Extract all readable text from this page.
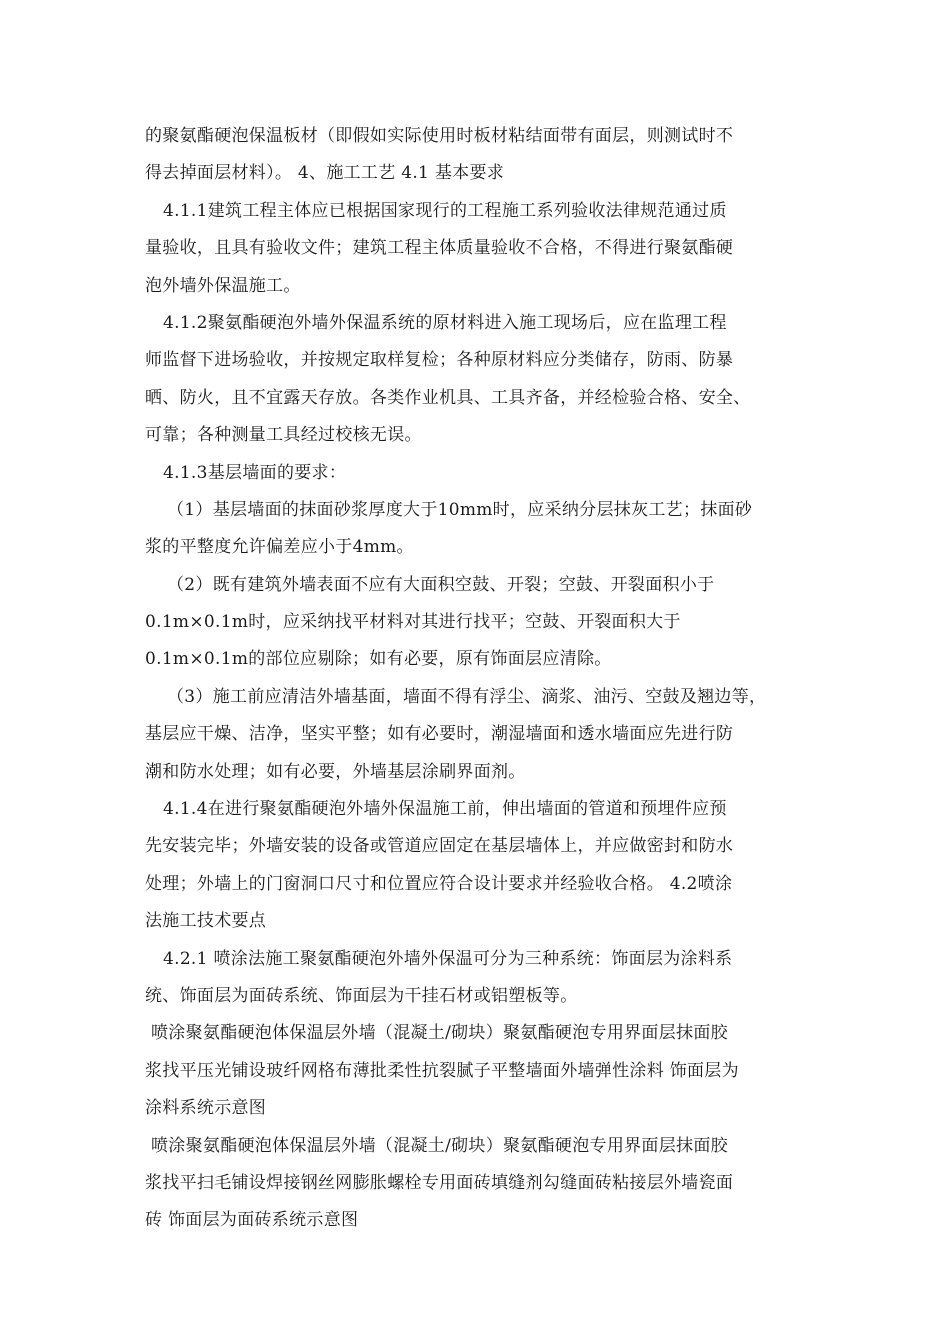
的聚氨酯硬泡保温板材（即假如实际使用时板材粘结面带有面层，则测试时不
得去掉面层材料）。 4、施工工艺 4.1 基本要求
4.1.1建筑工程主体应已根据国家现行的工程施工系列验收法律规范通过质
量验收，且具有验收文件；建筑工程主体质量验收不合格，不得进行聚氨酯硬
泡外墙外保温施工。
4.1.2聚氨酯硬泡外墙外保温系统的原材料进入施工现场后，应在监理工程
师监督下进场验收，并按规定取样复检；各种原材料应分类储存，防雨、防暴
晒、防火，且不宜露天存放。各类作业机具、工具齐备，并经检验合格、安全、
可靠；各种测量工具经过校核无误。
4.1.3基层墙面的要求：
（1）基层墙面的抹面砂浆厚度大于10mm时，应采纳分层抹灰工艺；抹面砂
浆的平整度允许偏差应小于4mm。
（2）既有建筑外墙表面不应有大面积空鼓、开裂；空鼓、开裂面积小于
0.1m×0.1m时，应采纳找平材料对其进行找平；空鼓、开裂面积大于
0.1m×0.1m的部位应剔除；如有必要，原有饰面层应清除。
（3）施工前应清洁外墙基面，墙面不得有浮尘、滴浆、油污、空鼓及翘边等，
基层应干燥、洁净，坚实平整；如有必要时，潮湿墙面和透水墙面应先进行防
潮和防水处理；如有必要，外墙基层涂刷界面剂。
4.1.4在进行聚氨酯硬泡外墙外保温施工前，伸出墙面的管道和预埋件应预
先安装完毕；外墙安装的设备或管道应固定在基层墙体上，并应做密封和防水
处理；外墙上的门窗洞口尺寸和位置应符合设计要求并经验收合格。 4.2喷涂
法施工技术要点
4.2.1 喷涂法施工聚氨酯硬泡外墙外保温可分为三种系统：饰面层为涂料系
统、饰面层为面砖系统、饰面层为干挂石材或铝塑板等。
喷涂聚氨酯硬泡体保温层外墙（混凝土/砌块）聚氨酯硬泡专用界面层抹面胶
浆找平压光铺设玻纤网格布薄批柔性抗裂腻子平整墙面外墙弹性涂料 饰面层为
涂料系统示意图
喷涂聚氨酯硬泡体保温层外墙（混凝土/砌块）聚氨酯硬泡专用界面层抹面胶
浆找平扫毛铺设焊接钢丝网膨胀螺栓专用面砖填缝剂勾缝面砖粘接层外墙瓷面
砖 饰面层为面砖系统示意图
